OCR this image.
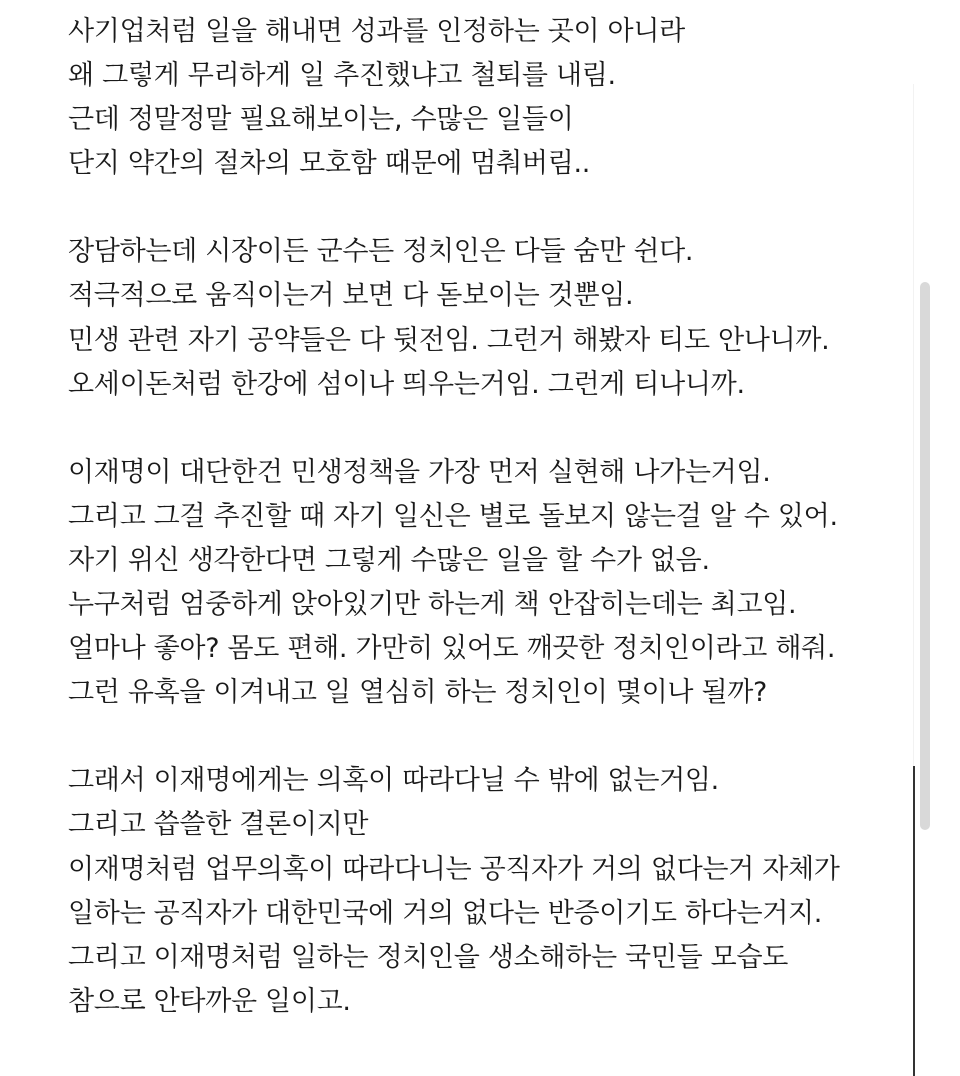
사기업처럼 일을 해내면 성과를 인정하는 곳이 아니라
왜 그렇게 무리하게 일 추진했냐고 철퇴를 내림.
근데 정말정말 필요해보이는, 수많은 일들이
단지 약간의 절차의 모호함 때문에 멈춰버림..
장담하는데 시장이든 군수든 정치인은 다들 숨만 쉰다.
적극적으로 움직이는거 보면 다 돋보이는 것뿐임.
민생 관련 자기 공약들은 다 뒷전임. 그런거 해봤자 티도 안나니까.
오세이돈처럼 한강에 섬이나 띄우는거임. 그런게 티나니까.
이재명이 대단한건 민생정책을 가장 먼저 실현해 나가는거임.
그리고 그걸 추진할 때 자기 일신은 별로 돌보지 않는걸 알 수 있어.
자기 위신 생각한다면 그렇게 수많은 일을 할 수가 없음.
누구처럼 엄중하게 앉아있기만 하는게 책 안잡히는데는 최고임.
얼마나 좋아? 몸도 편해. 가만히 있어도 깨끗한 정치인이라고 해줘.
그런 유혹을 이겨내고 일 열심히 하는 정치인이 몇이나 될까?
그래서 이재명에게는 의혹이 따라다닐 수 밖에 없는거임.
그리고 씁쓸한 결론이지만
이재명처럼 업무의혹이 따라다니는 공직자가 거의 없다는거 자체가
일하는 공직자가 대한민국에 거의 없다는 반증이기도 하다는거지.
그리고 이재명처럼 일하는 정치인을 생소해하는 국민들 모습도
참으로 안타까운 일이고.
